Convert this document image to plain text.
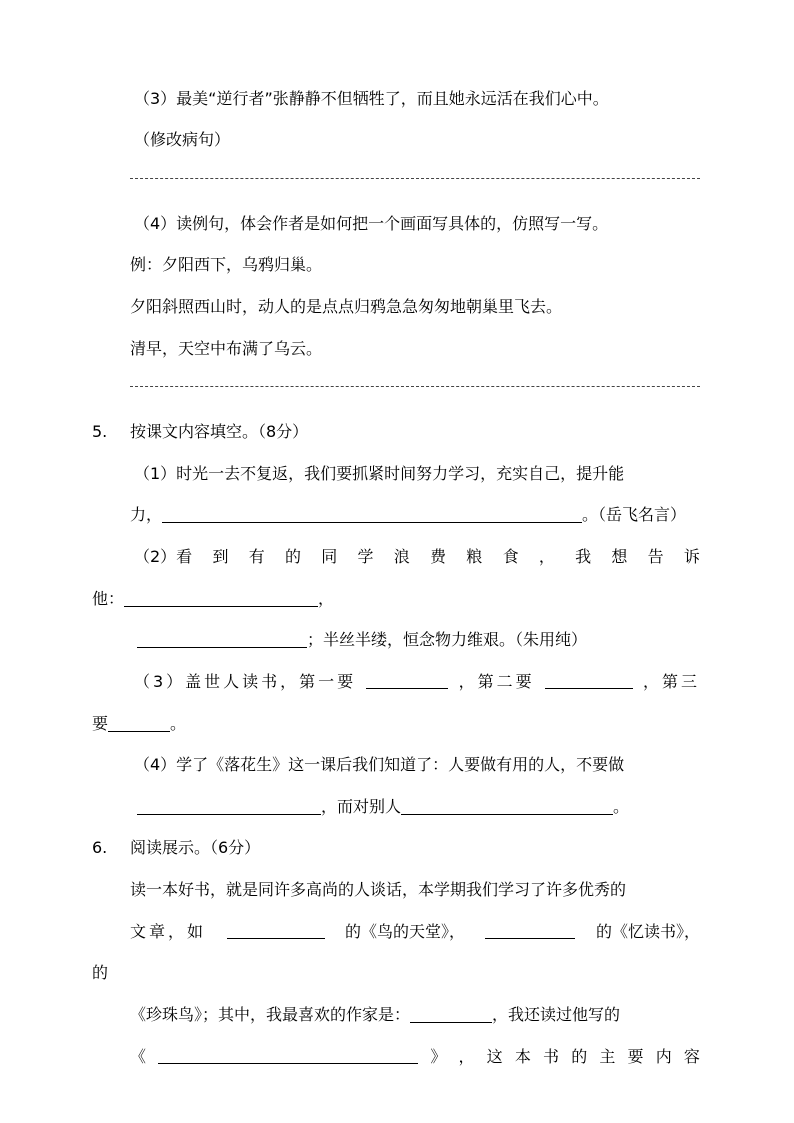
（3）最美“逆行者”张静静不但牺牲了，而且她永远活在我们心中。
（修改病句）
（4）读例句，体会作者是如何把一个画面写具体的，仿照写一写。
例：夕阳西下，乌鸦归巢。
夕阳斜照西山时，动人的是点点归鸦急急匆匆地朝巢里飞去。
清早，天空中布满了乌云。
5. 按课文内容填空。（8分）
（1）时光一去不复返，我们要抓紧时间努力学习，充实自己，提升能
力，	。（岳飞名言）
（2）看 到 有 的 同 学 浪 费 粮 食 ， 我 想 告 诉
他：	，
；半丝半缕，恒念物力维艰。（朱用纯）
（3）盖世人读书，第一要	，第二要	，第三
要	。
（4）学了《落花生》这一课后我们知道了：人要做有用的人，不要做
，而对别人	。
6. 阅读展示。（6分）
读一本好书，就是同许多高尚的人谈话，本学期我们学习了许多优秀的
文章，如	的《鸟的天堂》，	的《忆读书》，
的
《珍珠鸟》；其中，我最喜欢的作家是：	，我还读过他写的
《	》 ， 这 本 书 的 主 要 内 容
